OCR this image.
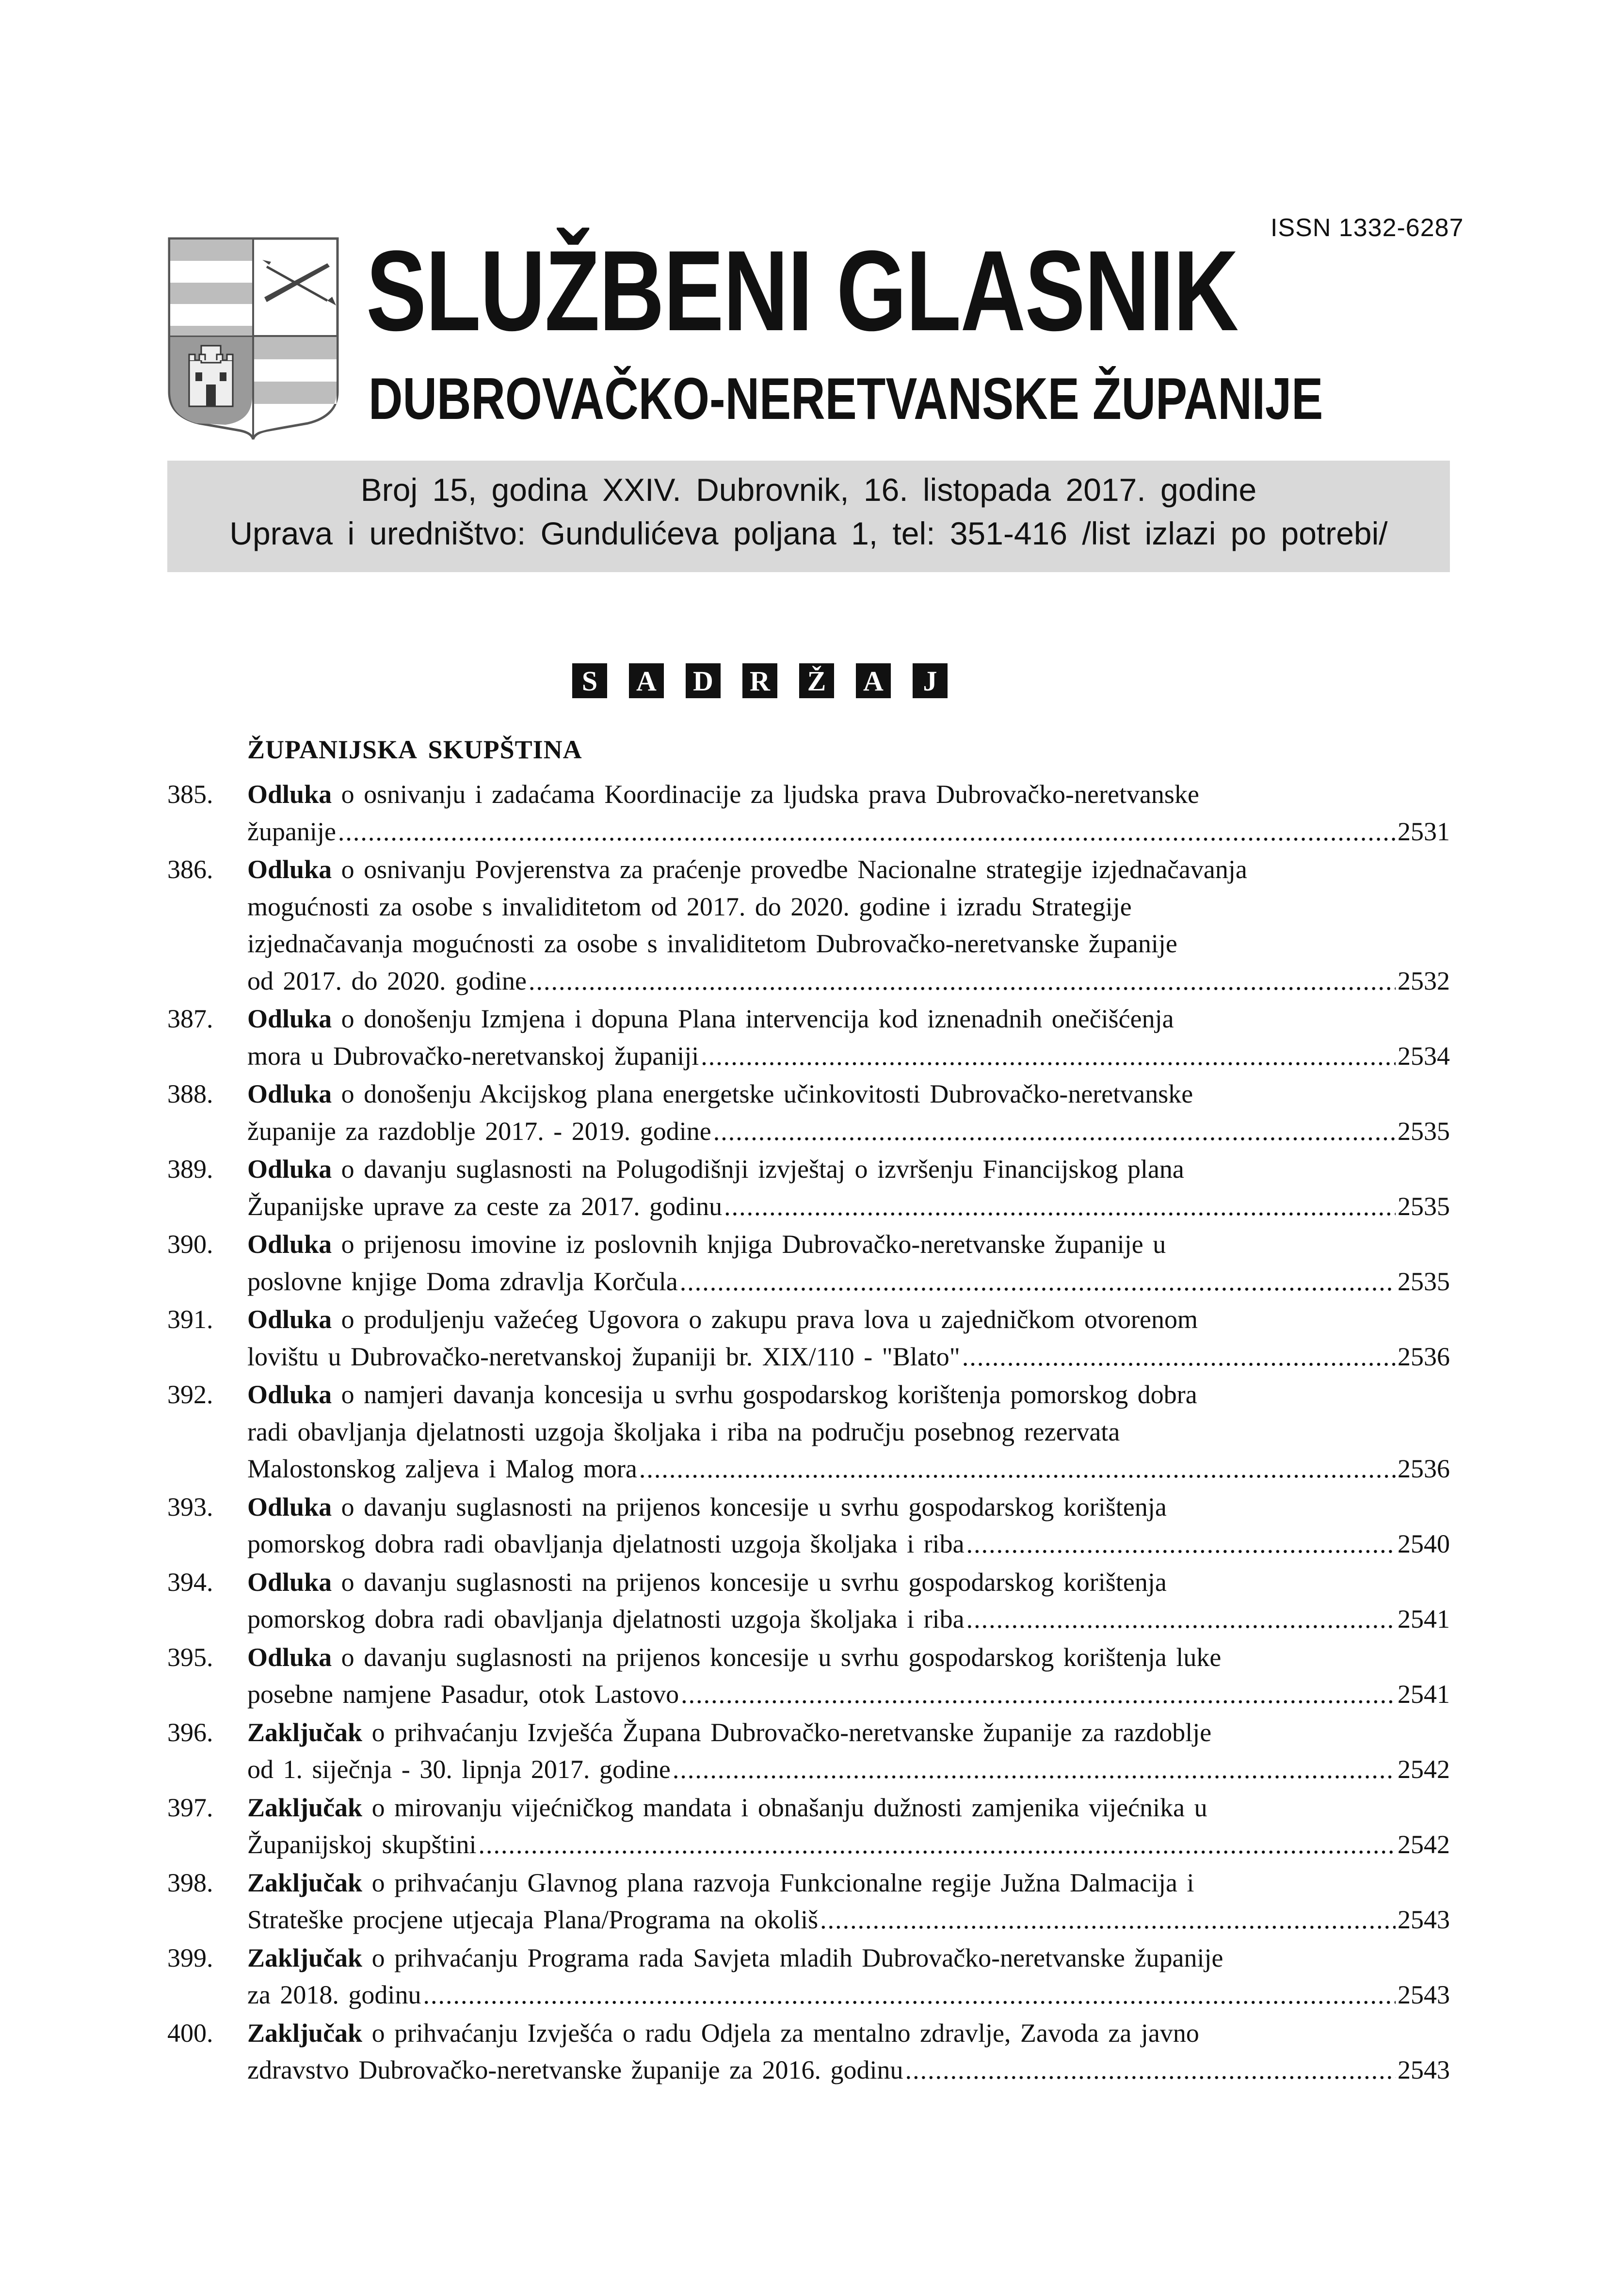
ISSN 1332-6287
SLUŽBENI GLASNIK
DUBROVAČKO-NERETVANSKE ŽUPANIJE
Broj 15, godina XXIV. Dubrovnik, 16. listopada 2017. godine
Uprava i uredništvo: Gundulićeva poljana 1, tel: 351-416 /list izlazi po potrebi/
S	A D R Ž A	J
ŽUPANIJSKA SKUPŠTINA
385. Odluka o osnivanju i zadaćama Koordinacije za ljudska prava Dubrovačko-neretvanske
županije .....	2531
386. Odluka o osnivanju Povjerenstva za praćenje provedbe Nacionalne strategije izjednačavanja
mogućnosti za osobe s invaliditetom od 2017. do 2020. godine i izradu Strategije
izjednačavanja mogućnosti za osobe s invaliditetom Dubrovačko-neretvanske županije
od 2017. do 2020. godine .....	2532
387. Odluka o donošenju Izmjena i dopuna Plana intervencija kod iznenadnih onečišćenja
mora u Dubrovačko-neretvanskoj županiji .....	2534
388. Odluka o donošenju Akcijskog plana energetske učinkovitosti Dubrovačko-neretvanske
županije za razdoblje 2017. - 2019. godine .....	2535
389. Odluka o davanju suglasnosti na Polugodišnji izvještaj o izvršenju Financijskog plana
Županijske uprave za ceste za 2017. godinu .....	2535
390. Odluka o prijenosu imovine iz poslovnih knjiga Dubrovačko-neretvanske županije u
poslovne knjige Doma zdravlja Korčula .....	2535
391. Odluka o produljenju važećeg Ugovora o zakupu prava lova u zajedničkom otvorenom
lovištu u Dubrovačko-neretvanskoj županiji br. XIX/110 - "Blato" .....	2536
392. Odluka o namjeri davanja koncesija u svrhu gospodarskog korištenja pomorskog dobra
radi obavljanja djelatnosti uzgoja školjaka i riba na području posebnog rezervata
Malostonskog zaljeva i Malog mora .....	2536
393. Odluka o davanju suglasnosti na prijenos koncesije u svrhu gospodarskog korištenja
pomorskog dobra radi obavljanja djelatnosti uzgoja školjaka i riba .....	2540
394. Odluka o davanju suglasnosti na prijenos koncesije u svrhu gospodarskog korištenja
pomorskog dobra radi obavljanja djelatnosti uzgoja školjaka i riba .....	2541
395. Odluka o davanju suglasnosti na prijenos koncesije u svrhu gospodarskog korištenja luke
posebne namjene Pasadur, otok Lastovo .....	2541
396. Zaključak o prihvaćanju Izvješća Župana Dubrovačko-neretvanske županije za razdoblje
od 1. siječnja - 30. lipnja 2017. godine .....	2542
397. Zaključak o mirovanju vijećničkog mandata i obnašanju dužnosti zamjenika vijećnika u
Županijskoj skupštini .....	2542
398. Zaključak o prihvaćanju Glavnog plana razvoja Funkcionalne regije Južna Dalmacija i
Strateške procjene utjecaja Plana/Programa na okoliš .....	2543
399. Zaključak o prihvaćanju Programa rada Savjeta mladih Dubrovačko-neretvanske županije
za 2018. godinu .....	2543
400. Zaključak o prihvaćanju Izvješća o radu Odjela za mentalno zdravlje, Zavoda za javno
zdravstvo Dubrovačko-neretvanske županije za 2016. godinu .....	2543
